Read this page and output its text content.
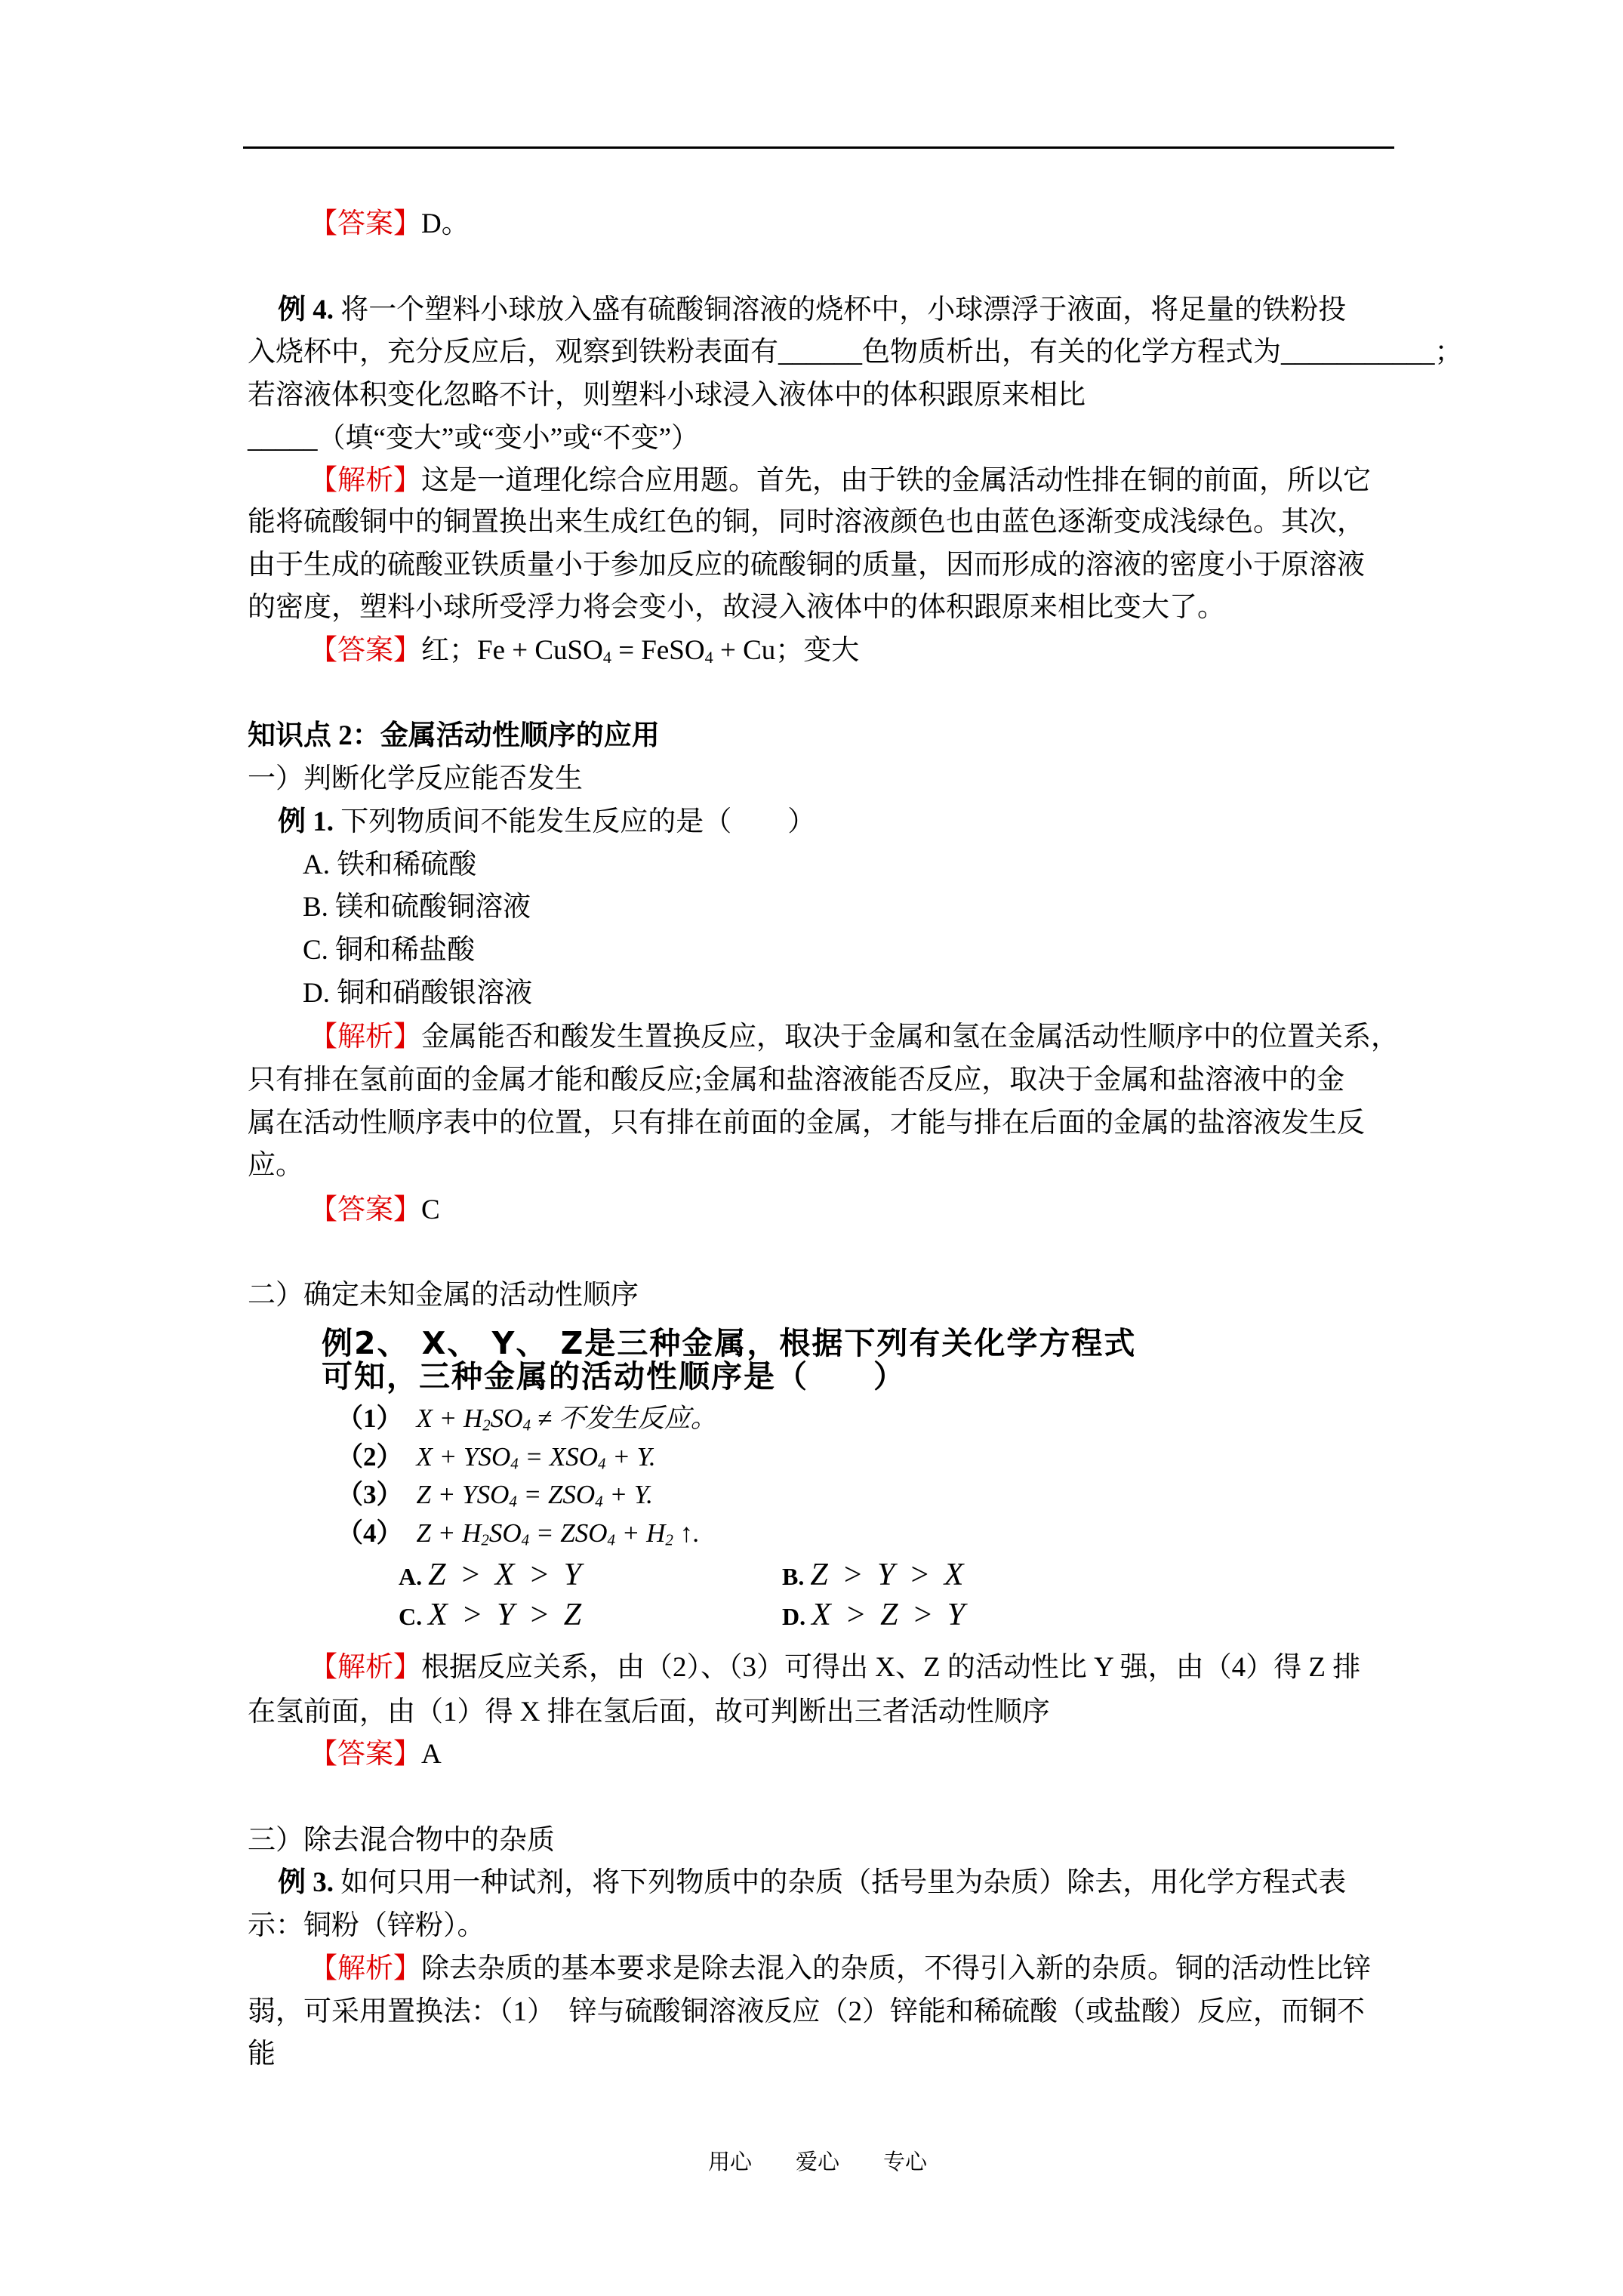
【答案】D。
例 4. 将一个塑料小球放入盛有硫酸铜溶液的烧杯中，小球漂浮于液面，将足量的铁粉投
入烧杯中，充分反应后，观察到铁粉表面有______色物质析出，有关的化学方程式为___________；
若溶液体积变化忽略不计，则塑料小球浸入液体中的体积跟原来相比
_____（填“变大”或“变小”或“不变”）
【解析】这是一道理化综合应用题。首先，由于铁的金属活动性排在铜的前面，所以它
能将硫酸铜中的铜置换出来生成红色的铜，同时溶液颜色也由蓝色逐渐变成浅绿色。其次，
由于生成的硫酸亚铁质量小于参加反应的硫酸铜的质量，因而形成的溶液的密度小于原溶液
的密度，塑料小球所受浮力将会变小，故浸入液体中的体积跟原来相比变大了。
【答案】红；Fe + CuSO$_4$ = FeSO$_4$ + Cu；变大
知识点 2：金属活动性顺序的应用
一）判断化学反应能否发生
例 1. 下列物质间不能发生反应的是（　　）
A. 铁和稀硫酸
B. 镁和硫酸铜溶液
C. 铜和稀盐酸
D. 铜和硝酸银溶液
【解析】金属能否和酸发生置换反应，取决于金属和氢在金属活动性顺序中的位置关系，
只有排在氢前面的金属才能和酸反应;金属和盐溶液能否反应，取决于金属和盐溶液中的金
属在活动性顺序表中的位置，只有排在前面的金属，才能与排在后面的金属的盐溶液发生反
应。
【答案】C
二）确定未知金属的活动性顺序
例2、 X、 Y、 Z是三种金属，根据下列有关化学方程式
可知，三种金属的活动性顺序是（　　）
（1） $X + H_2SO_4$ ≠ 不发生反应。
（2） $X + YSO_4 = XSO_4 + Y$.
（3） $Z + YSO_4 = ZSO_4 + Y$.
（4） $Z + H_2SO_4 = ZSO_4 + H_2$ ↑.
A. Z > X > Y	B. Z > Y > X
C. X > Y > Z	D. X > Z > Y
【解析】根据反应关系，由（2）、（3）可得出 X、Z 的活动性比 Y 强，由（4）得 Z 排
在氢前面，由（1）得 X 排在氢后面，故可判断出三者活动性顺序
【答案】A
三）除去混合物中的杂质
例 3. 如何只用一种试剂，将下列物质中的杂质（括号里为杂质）除去，用化学方程式表
示：铜粉（锌粉）。
【解析】除去杂质的基本要求是除去混入的杂质，不得引入新的杂质。铜的活动性比锌
弱，可采用置换法：（1）　锌与硫酸铜溶液反应（2）锌能和稀硫酸（或盐酸）反应，而铜不
能
用心　　爱心　　专心
